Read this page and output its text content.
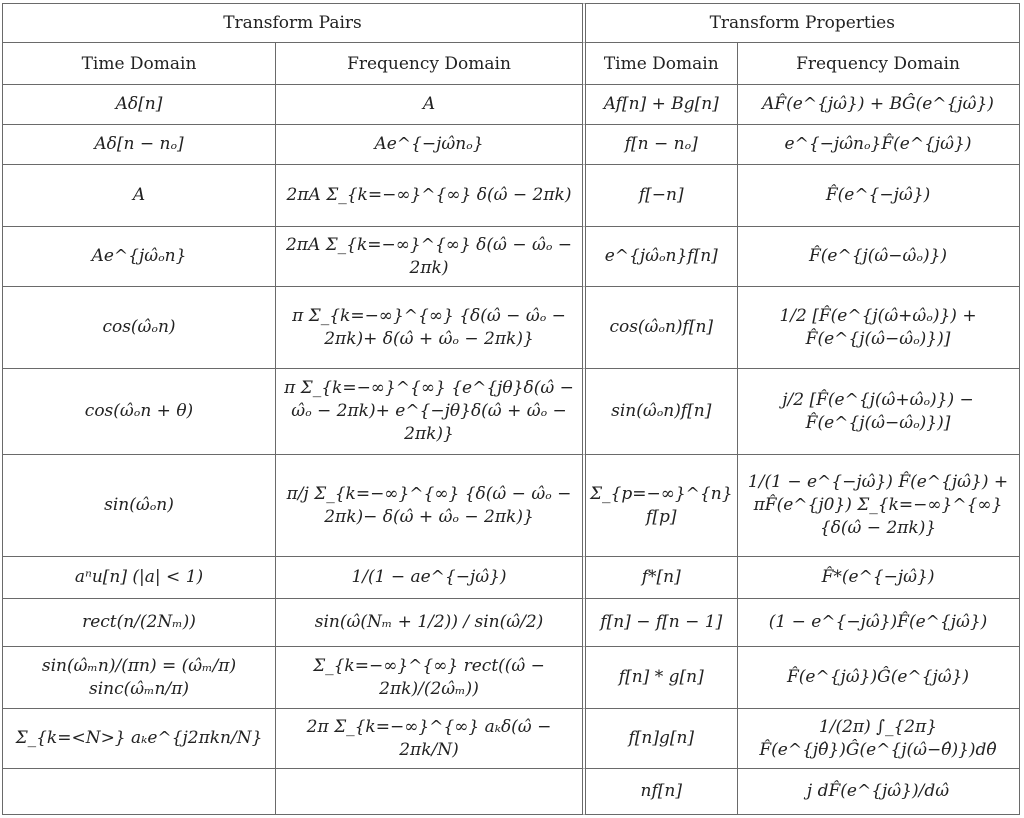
Transform Pairs		Transform Properties	
Time Domain	Frequency Domain	Time Domain	Frequency Domain
Aδ[n]	A	Af[n] + Bg[n]	AF̂(e^{jω̂}) + BĜ(e^{jω̂})
Aδ[n − nₒ]	Ae^{−jω̂nₒ}	f[n − nₒ]	e^{−jω̂nₒ}F̂(e^{jω̂})
A	2πA Σ_{k=−∞}^{∞} δ(ω̂ − 2πk)	f[−n]	F̂(e^{−jω̂})
Ae^{jω̂ₒn}	2πA Σ_{k=−∞}^{∞} δ(ω̂ − ω̂ₒ − 2πk)	e^{jω̂ₒn}f[n]	F̂(e^{j(ω̂−ω̂ₒ)})
cos(ω̂ₒn)	π Σ_{k=−∞}^{∞} {δ(ω̂ − ω̂ₒ − 2πk)+ δ(ω̂ + ω̂ₒ − 2πk)}	cos(ω̂ₒn)f[n]	1/2 [F̂(e^{j(ω̂+ω̂ₒ)}) + F̂(e^{j(ω̂−ω̂ₒ)})]
cos(ω̂ₒn + θ)	π Σ_{k=−∞}^{∞} {e^{jθ}δ(ω̂ − ω̂ₒ − 2πk)+ e^{−jθ}δ(ω̂ + ω̂ₒ − 2πk)}	sin(ω̂ₒn)f[n]	j/2 [F̂(e^{j(ω̂+ω̂ₒ)}) − F̂(e^{j(ω̂−ω̂ₒ)})]
sin(ω̂ₒn)	π/j Σ_{k=−∞}^{∞} {δ(ω̂ − ω̂ₒ − 2πk)− δ(ω̂ + ω̂ₒ − 2πk)}	Σ_{p=−∞}^{n} f[p]	1/(1 − e^{−jω̂}) F̂(e^{jω̂}) + πF̂(e^{j0}) Σ_{k=−∞}^{∞} {δ(ω̂ − 2πk)}
aⁿu[n] (|a| < 1)	1/(1 − ae^{−jω̂})	f*[n]	F̂*(e^{−jω̂})
rect(n/(2Nₘ))	sin(ω̂(Nₘ + 1/2)) / sin(ω̂/2)	f[n] − f[n − 1]	(1 − e^{−jω̂})F̂(e^{jω̂})
sin(ω̂ₘn)/(πn) = (ω̂ₘ/π) sinc(ω̂ₘn/π)	Σ_{k=−∞}^{∞} rect((ω̂ − 2πk)/(2ω̂ₘ))	f[n] * g[n]	F̂(e^{jω̂})Ĝ(e^{jω̂})
Σ_{k=<N>} aₖe^{j2πkn/N}	2π Σ_{k=−∞}^{∞} aₖδ(ω̂ − 2πk/N)	f[n]g[n]	1/(2π) ∫_{2π} F̂(e^{jθ̂})Ĝ(e^{j(ω̂−θ̂)})dθ̂
		nf[n]	j dF̂(e^{jω̂})/dω̂
